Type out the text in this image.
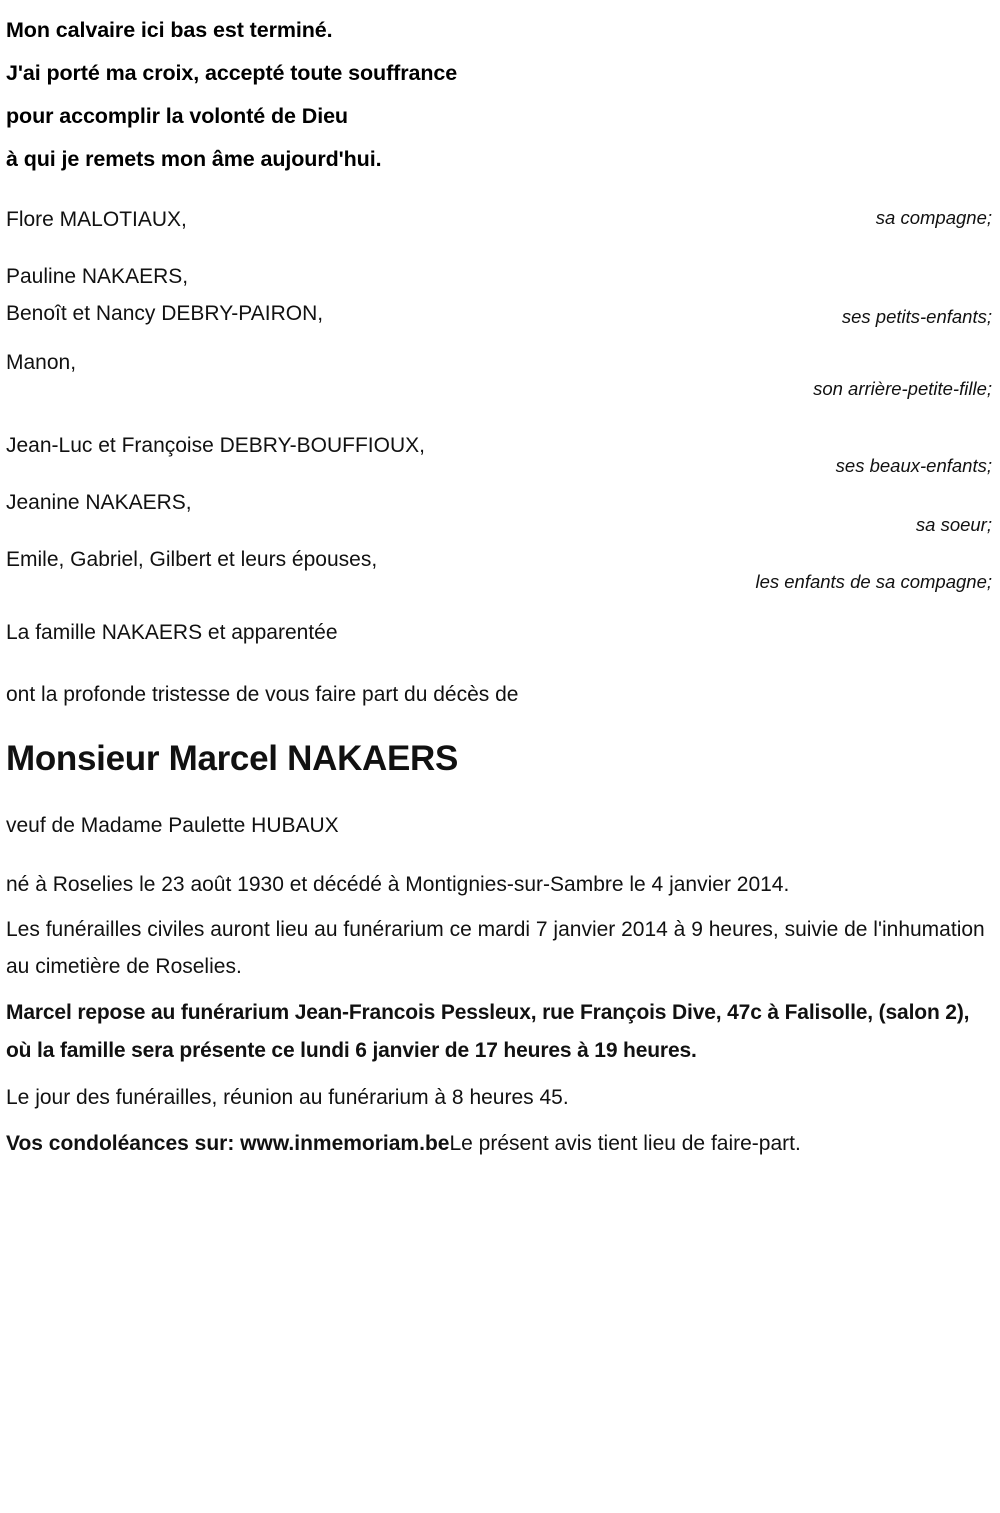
Mon calvaire ici bas est terminé.
J'ai porté ma croix, accepté toute souffrance
pour accomplir la volonté de Dieu
à qui je remets mon âme aujourd'hui.
Flore MALOTIAUX,	sa compagne;
Pauline NAKAERS,
Benoît et Nancy DEBRY-PAIRON,	ses petits-enfants;
Manon,
son arrière-petite-fille;
Jean-Luc et Françoise DEBRY-BOUFFIOUX,
ses beaux-enfants;
Jeanine NAKAERS,
sa soeur;
Emile, Gabriel, Gilbert et leurs épouses,
les enfants de sa compagne;
La famille NAKAERS et apparentée

ont la profonde tristesse de vous faire part du décès de

Monsieur Marcel NAKAERS

veuf de Madame Paulette HUBAUX

né à Roselies le 23 août 1930 et décédé à Montignies-sur-Sambre le 4 janvier 2014.

Les funérailles civiles auront lieu au funérarium ce mardi 7 janvier 2014 à 9 heures, suivie de l'inhumation au cimetière de Roselies.

Marcel repose au funérarium Jean-Francois Pessleux, rue François Dive, 47c à Falisolle, (salon 2), où la famille sera présente ce lundi 6 janvier de 17 heures à 19 heures.

Le jour des funérailles, réunion au funérarium à 8 heures 45.

Vos condoléances sur: www.inmemoriam.beLe présent avis tient lieu de faire-part.
